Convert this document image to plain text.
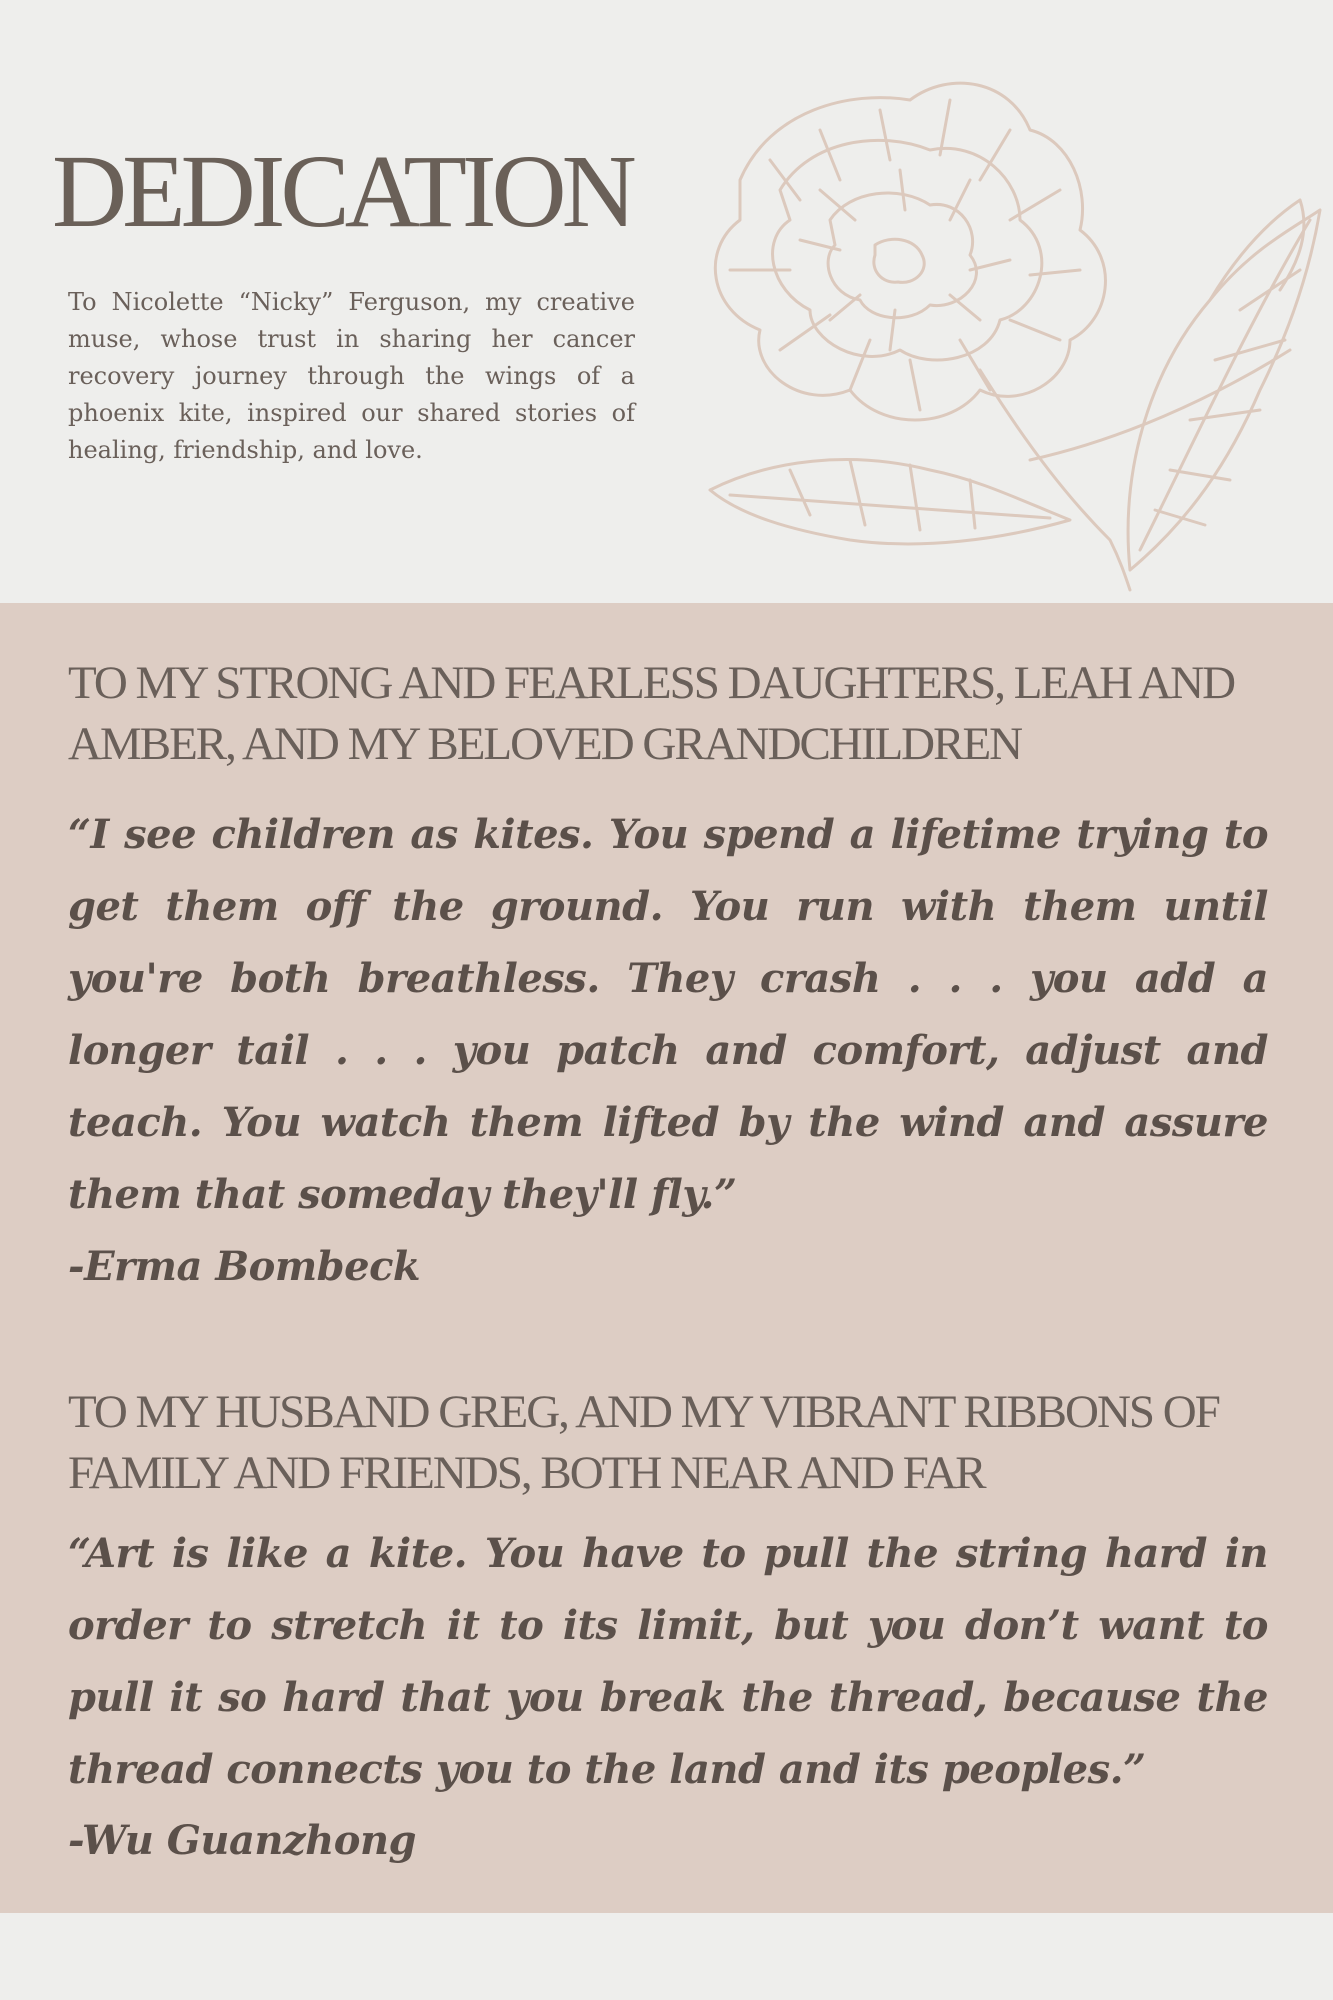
DEDICATION

To Nicolette “Nicky” Ferguson, my creative muse, whose trust in sharing her cancer recovery journey through the wings of a phoenix kite, inspired our shared stories of healing, friendship, and love.

TO MY STRONG AND FEARLESS DAUGHTERS, LEAH AND AMBER, AND MY BELOVED GRANDCHILDREN

“I see children as kites. You spend a lifetime trying to get them off the ground. You run with them until you're both breathless. They crash . . . you add a longer tail . . . you patch and comfort, adjust and teach. You watch them lifted by the wind and assure them that someday they'll fly.”

-Erma Bombeck

TO MY HUSBAND GREG, AND MY VIBRANT RIBBONS OF FAMILY AND FRIENDS, BOTH NEAR AND FAR

“Art is like a kite. You have to pull the string hard in order to stretch it to its limit, but you don’t want to pull it so hard that you break the thread, because the thread connects you to the land and its peoples.”

-Wu Guanzhong
